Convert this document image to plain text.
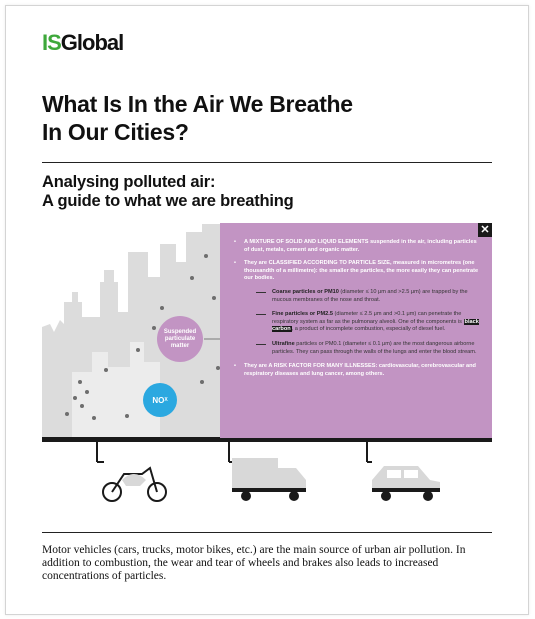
ISGlobal
What Is In the Air We Breathe
In Our Cities?
Analysing polluted air:
A guide to what we are breathing
Suspended particulate matter
NO X
✕
• A MIXTURE OF SOLID AND LIQUID ELEMENTS suspended in the air, including particles of dust, metals, cement and organic matter.
• They are CLASSIFIED ACCORDING TO PARTICLE SIZE, measured in micrometres (one thousandth of a millimetre): the smaller the particles, the more easily they can penetrate our bodies.
Coarse particles or PM10 (diameter ≤ 10 μm and >2.5 μm) are trapped by the mucous membranes of the nose and throat.
Fine particles or PM2.5 (diameter ≤ 2.5 μm and >0.1 μm) can penetrate the respiratory system as far as the pulmonary alveoli. One of the components is black carbon, a product of incomplete combustion, especially of diesel fuel.
Ultrafine particles or PM0.1 (diameter ≤ 0.1 μm) are the most dangerous airborne particles. They can pass through the walls of the lungs and enter the blood stream.
• They are A RISK FACTOR FOR MANY ILLNESSES: cardiovascular, cerebrovascular and respiratory diseases and lung cancer, among others.

Motor vehicles (cars, trucks, motor bikes, etc.) are the main source of urban air pollution. In addition to combustion, the wear and tear of wheels and brakes also leads to increased concentrations of particles.
